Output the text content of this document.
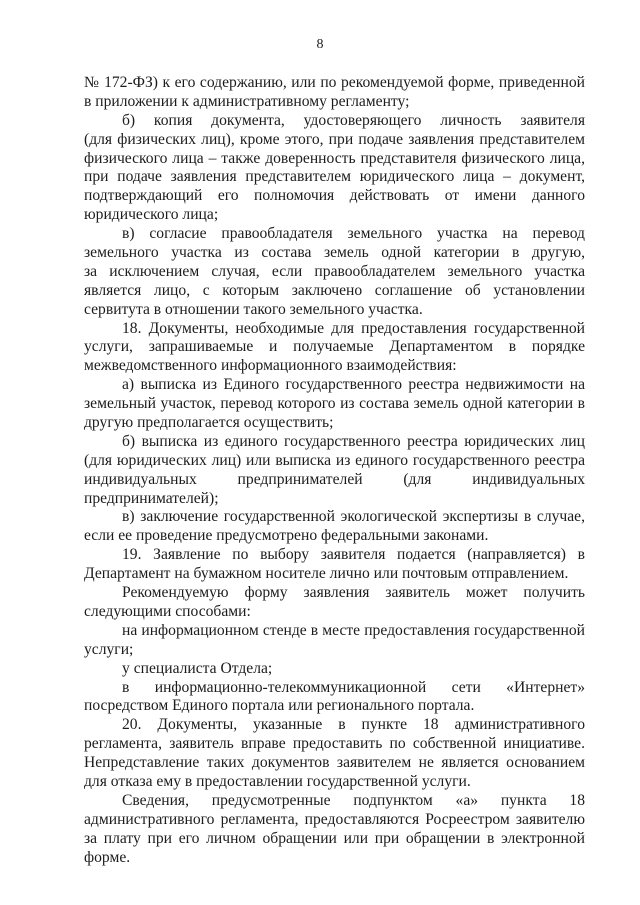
8
№ 172-ФЗ) к его содержанию, или по рекомендуемой форме, приведенной
в приложении к административному регламенту;
б) копия документа, удостоверяющего личность заявителя
(для физических лиц), кроме этого, при подаче заявления представителем
физического лица – также доверенность представителя физического лица,
при подаче заявления представителем юридического лица – документ,
подтверждающий его полномочия действовать от имени данного
юридического лица;
в) согласие правообладателя земельного участка на перевод
земельного участка из состава земель одной категории в другую,
за исключением случая, если правообладателем земельного участка
является лицо, с которым заключено соглашение об установлении
сервитута в отношении такого земельного участка.
18. Документы, необходимые для предоставления государственной
услуги, запрашиваемые и получаемые Департаментом в порядке
межведомственного информационного взаимодействия:
а) выписка из Единого государственного реестра недвижимости на
земельный участок, перевод которого из состава земель одной категории в
другую предполагается осуществить;
б) выписка из единого государственного реестра юридических лиц
(для юридических лиц) или выписка из единого государственного реестра
индивидуальных предпринимателей (для индивидуальных
предпринимателей);
в) заключение государственной экологической экспертизы в случае,
если ее проведение предусмотрено федеральными законами.
19. Заявление по выбору заявителя подается (направляется) в
Департамент на бумажном носителе лично или почтовым отправлением.
Рекомендуемую форму заявления заявитель может получить
следующими способами:
на информационном стенде в месте предоставления государственной
услуги;
у специалиста Отдела;
в информационно-телекоммуникационной сети «Интернет»
посредством Единого портала или регионального портала.
20. Документы, указанные в пункте 18 административного
регламента, заявитель вправе предоставить по собственной инициативе.
Непредставление таких документов заявителем не является основанием
для отказа ему в предоставлении государственной услуги.
Сведения, предусмотренные подпунктом «а» пункта 18
административного регламента, предоставляются Росреестром заявителю
за плату при его личном обращении или при обращении в электронной
форме.
